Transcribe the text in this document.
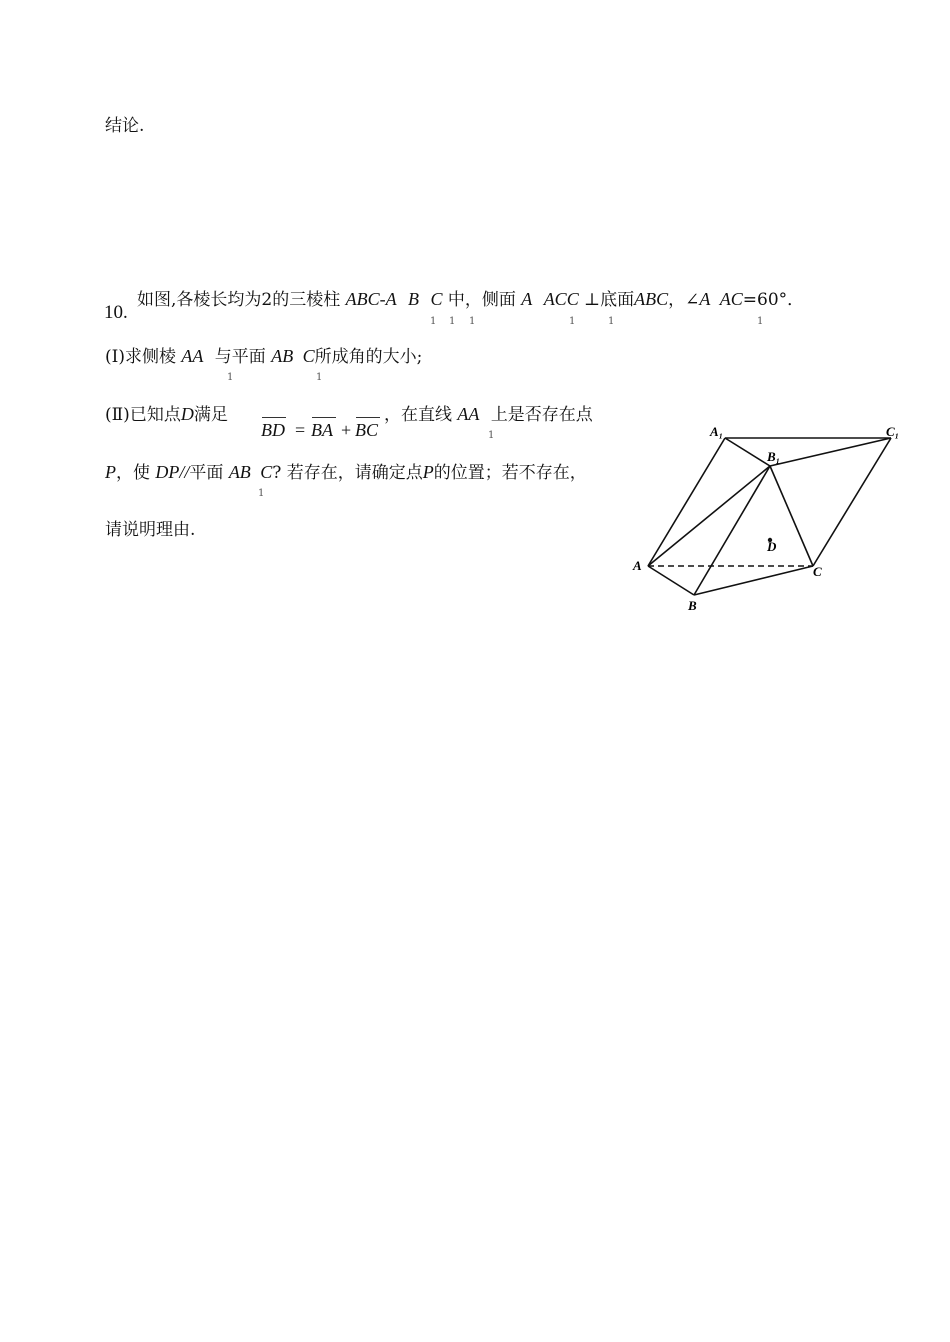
结论.
10.
如图,各棱长均为2的三棱柱 ABC-A B C 中，侧面 A ACC ⊥底面ABC，∠A AC=60°．
1 1 1	1	1	1
(Ⅰ)求侧棱 AA 与平面 AB C所成角的大小;
1	1
(Ⅱ)已知点D满足
BD = BA + BC
，在直线 AA 上是否存在点
1
P，使 DP//平面 AB C? 若存在，请确定点P的位置；若不存在，
1
请说明理由.
A₁	C₁
B₁
A
B
C
D
